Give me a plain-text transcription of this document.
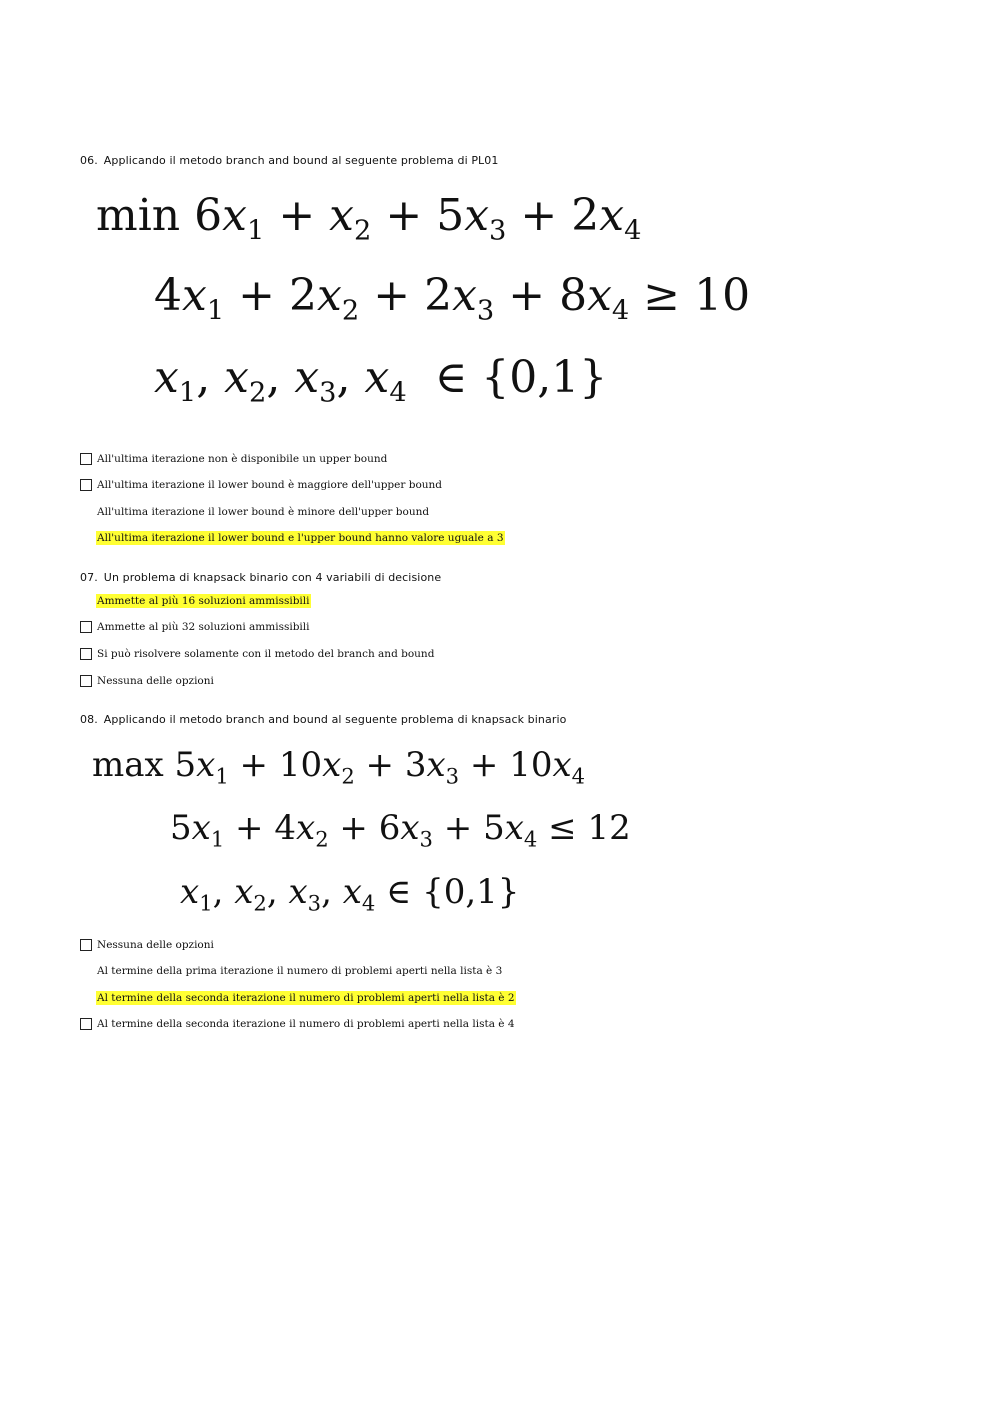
06. Applicando il metodo branch and bound al seguente problema di PL01
$\min 6x_1 + x_2 + 5x_3 + 2x_4$
$4x_1 + 2x_2 + 2x_3 + 8x_4 \ge 10$
$x_1$, $x_2$, $x_3$, $x_4$ ∈ {0,1}
All'ultima iterazione non è disponibile un upper bound
All'ultima iterazione il lower bound è maggiore dell'upper bound
All'ultima iterazione il lower bound è minore dell'upper bound
All'ultima iterazione il lower bound e l'upper bound hanno valore uguale a 3
07. Un problema di knapsack binario con 4 variabili di decisione
Ammette al più 16 soluzioni ammissibili
Ammette al più 32 soluzioni ammissibili
Si può risolvere solamente con il metodo del branch and bound
Nessuna delle opzioni
08. Applicando il metodo branch and bound al seguente problema di knapsack binario
$\max 5x_1 + 10x_2 + 3x_3 + 10x_4$
$5x_1 + 4x_2 + 6x_3 + 5x_4 \le 12$
$x_1$, $x_2$, $x_3$, $x_4$ ∈ {0,1}
Nessuna delle opzioni
Al termine della prima iterazione il numero di problemi aperti nella lista è 3
Al termine della seconda iterazione il numero di problemi aperti nella lista è 2
Al termine della seconda iterazione il numero di problemi aperti nella lista è 4
